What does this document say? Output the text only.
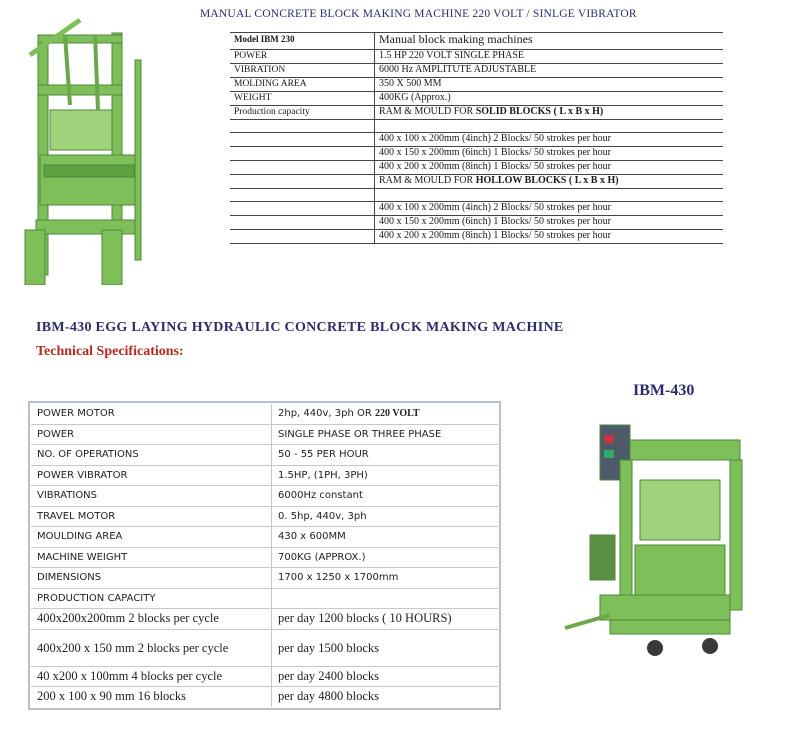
MANUAL CONCRETE BLOCK MAKING MACHINE 220 VOLT / SINLGE VIBRATOR
Model IBM 230	Manual block making machines
POWER	1.5 HP 220 VOLT SINGLE PHASE
VIBRATION	6000 Hz AMPLITUTE ADJUSTABLE
MOLDING AREA	350 X 500 MM
WEIGHT	400KG (Approx.)
Production capacity	RAM & MOULD FOR SOLID BLOCKS ( L x B x H)

	400 x 100 x 200mm (4inch) 2 Blocks/ 50 strokes per hour
	400 x 150 x 200mm (6inch) 1 Blocks/ 50 strokes per hour
	400 x 200 x 200mm (8inch) 1 Blocks/ 50 strokes per hour
	RAM & MOULD FOR HOLLOW BLOCKS ( L x B x H)

	400 x 100 x 200mm (4inch) 2 Blocks/ 50 strokes per hour
	400 x 150 x 200mm (6inch) 1 Blocks/ 50 strokes per hour
	400 x 200 x 200mm (8inch) 1 Blocks/ 50 strokes per hour
IBM-430 EGG LAYING HYDRAULIC CONCRETE BLOCK MAKING MACHINE
Technical Specifications:
IBM-430
POWER MOTOR	2hp, 440v, 3ph OR 220 VOLT
POWER	SINGLE PHASE OR THREE PHASE
NO. OF OPERATIONS	50 - 55 PER HOUR
POWER VIBRATOR	1.5HP, (1PH, 3PH)
VIBRATIONS	6000Hz constant
TRAVEL MOTOR	0. 5hp, 440v, 3ph
MOULDING AREA	430 x 600MM
MACHINE WEIGHT	700KG (APPROX.)
DIMENSIONS	1700 x 1250 x 1700mm
PRODUCTION CAPACITY	
400x200x200mm 2 blocks per cycle	per day 1200 blocks ( 10 HOURS)
400x200 x 150 mm 2 blocks per cycle	per day 1500 blocks
40 x200 x 100mm 4 blocks per cycle	per day 2400 blocks
200 x 100 x 90 mm 16 blocks	per day 4800 blocks
